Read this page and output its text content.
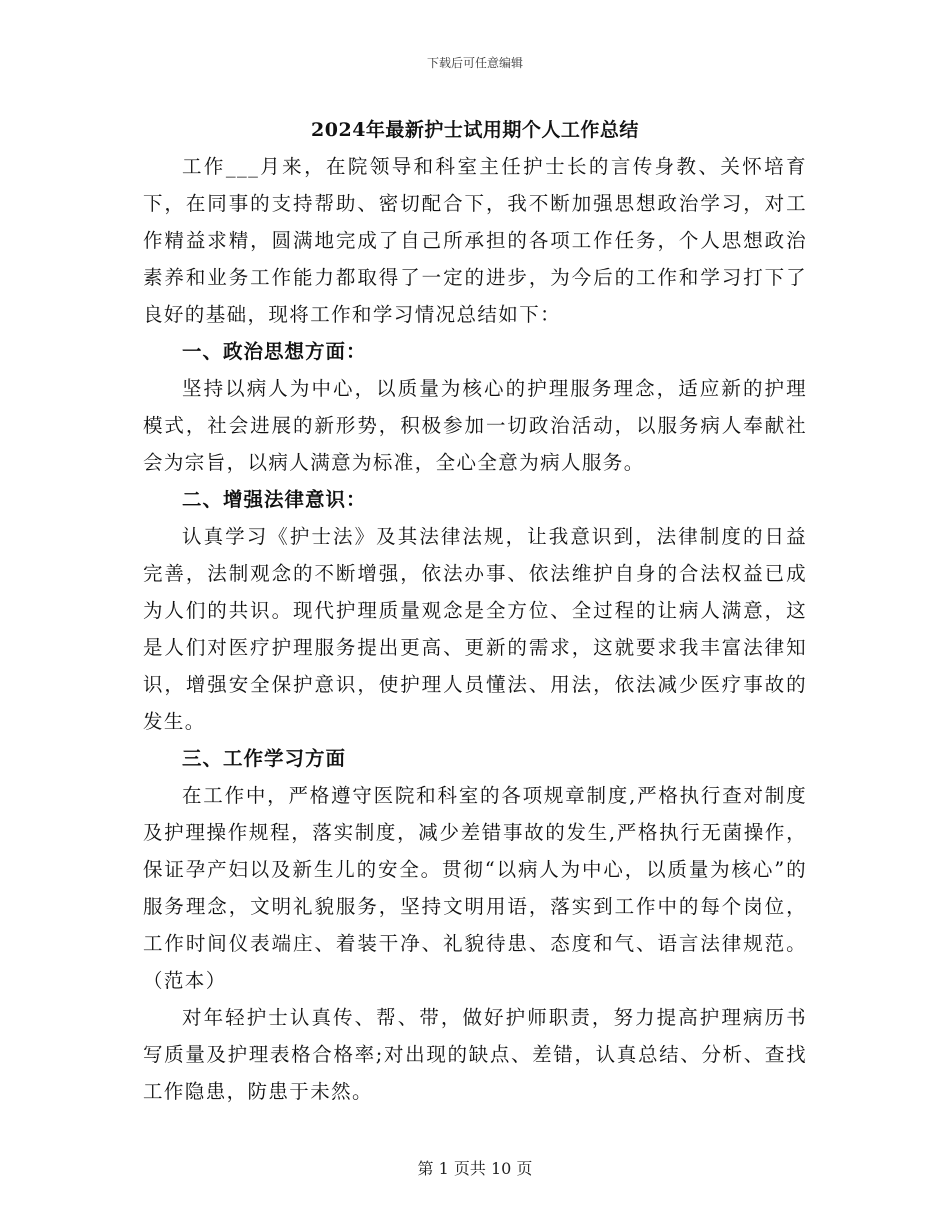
下载后可任意编辑
2024年最新护士试用期个人工作总结

工作___月来，在院领导和科室主任护士长的言传身教、关怀培育下，在同事的支持帮助、密切配合下，我不断加强思想政治学习，对工作精益求精，圆满地完成了自己所承担的各项工作任务，个人思想政治素养和业务工作能力都取得了一定的进步，为今后的工作和学习打下了良好的基础，现将工作和学习情况总结如下：

一、政治思想方面：

坚持以病人为中心，以质量为核心的护理服务理念，适应新的护理模式，社会进展的新形势，积极参加一切政治活动，以服务病人奉献社会为宗旨，以病人满意为标准，全心全意为病人服务。

二、增强法律意识：

认真学习《护士法》及其法律法规，让我意识到，法律制度的日益完善，法制观念的不断增强，依法办事、依法维护自身的合法权益已成为人们的共识。现代护理质量观念是全方位、全过程的让病人满意，这是人们对医疗护理服务提出更高、更新的需求，这就要求我丰富法律知识，增强安全保护意识，使护理人员懂法、用法，依法减少医疗事故的发生。

三、工作学习方面

在工作中，严格遵守医院和科室的各项规章制度,严格执行查对制度及护理操作规程，落实制度，减少差错事故的发生,严格执行无菌操作，保证孕产妇以及新生儿的安全。贯彻“以病人为中心，以质量为核心”的服务理念，文明礼貌服务，坚持文明用语，落实到工作中的每个岗位，工作时间仪表端庄、着装干净、礼貌待患、态度和气、语言法律规范。（范本）

对年轻护士认真传、帮、带，做好护师职责，努力提高护理病历书写质量及护理表格合格率;对出现的缺点、差错，认真总结、分析、查找工作隐患，防患于未然。

第 1 页共 10 页
